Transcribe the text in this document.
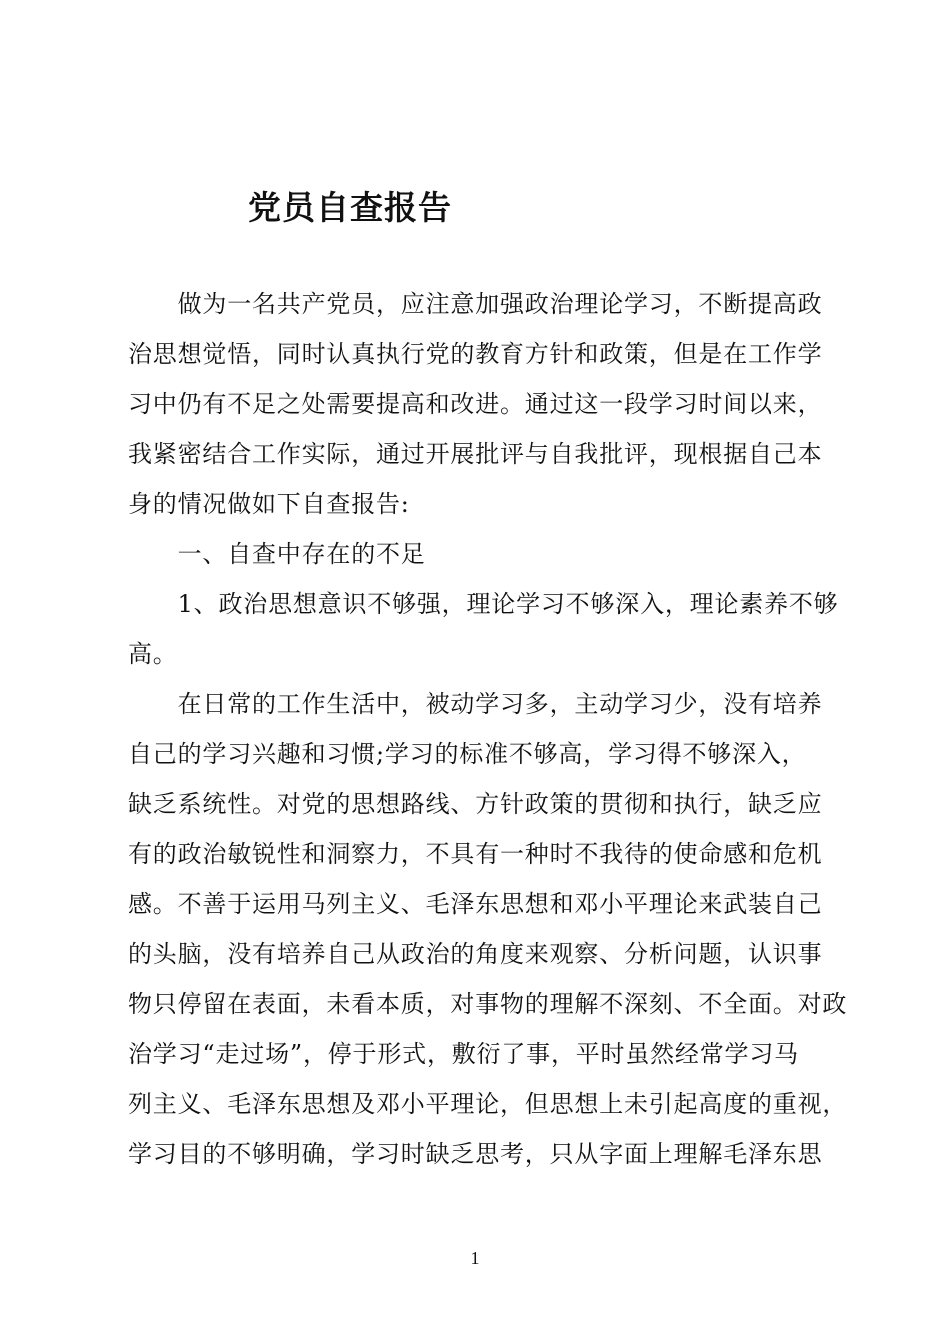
党员自查报告
　　做为一名共产党员，应注意加强政治理论学习，不断提高政
治思想觉悟，同时认真执行党的教育方针和政策，但是在工作学
习中仍有不足之处需要提高和改进。通过这一段学习时间以来，
我紧密结合工作实际，通过开展批评与自我批评，现根据自己本
身的情况做如下自查报告:
　　一、自查中存在的不足
　　1、政治思想意识不够强，理论学习不够深入，理论素养不够
高。
　　在日常的工作生活中，被动学习多，主动学习少，没有培养
自己的学习兴趣和习惯;学习的标准不够高，学习得不够深入，
缺乏系统性。对党的思想路线、方针政策的贯彻和执行，缺乏应
有的政治敏锐性和洞察力，不具有一种时不我待的使命感和危机
感。不善于运用马列主义、毛泽东思想和邓小平理论来武装自己
的头脑，没有培养自己从政治的角度来观察、分析问题，认识事
物只停留在表面，未看本质，对事物的理解不深刻、不全面。对政
治学习“走过场”，停于形式，敷衍了事，平时虽然经常学习马
列主义、毛泽东思想及邓小平理论，但思想上未引起高度的重视，
学习目的不够明确，学习时缺乏思考，只从字面上理解毛泽东思
1
